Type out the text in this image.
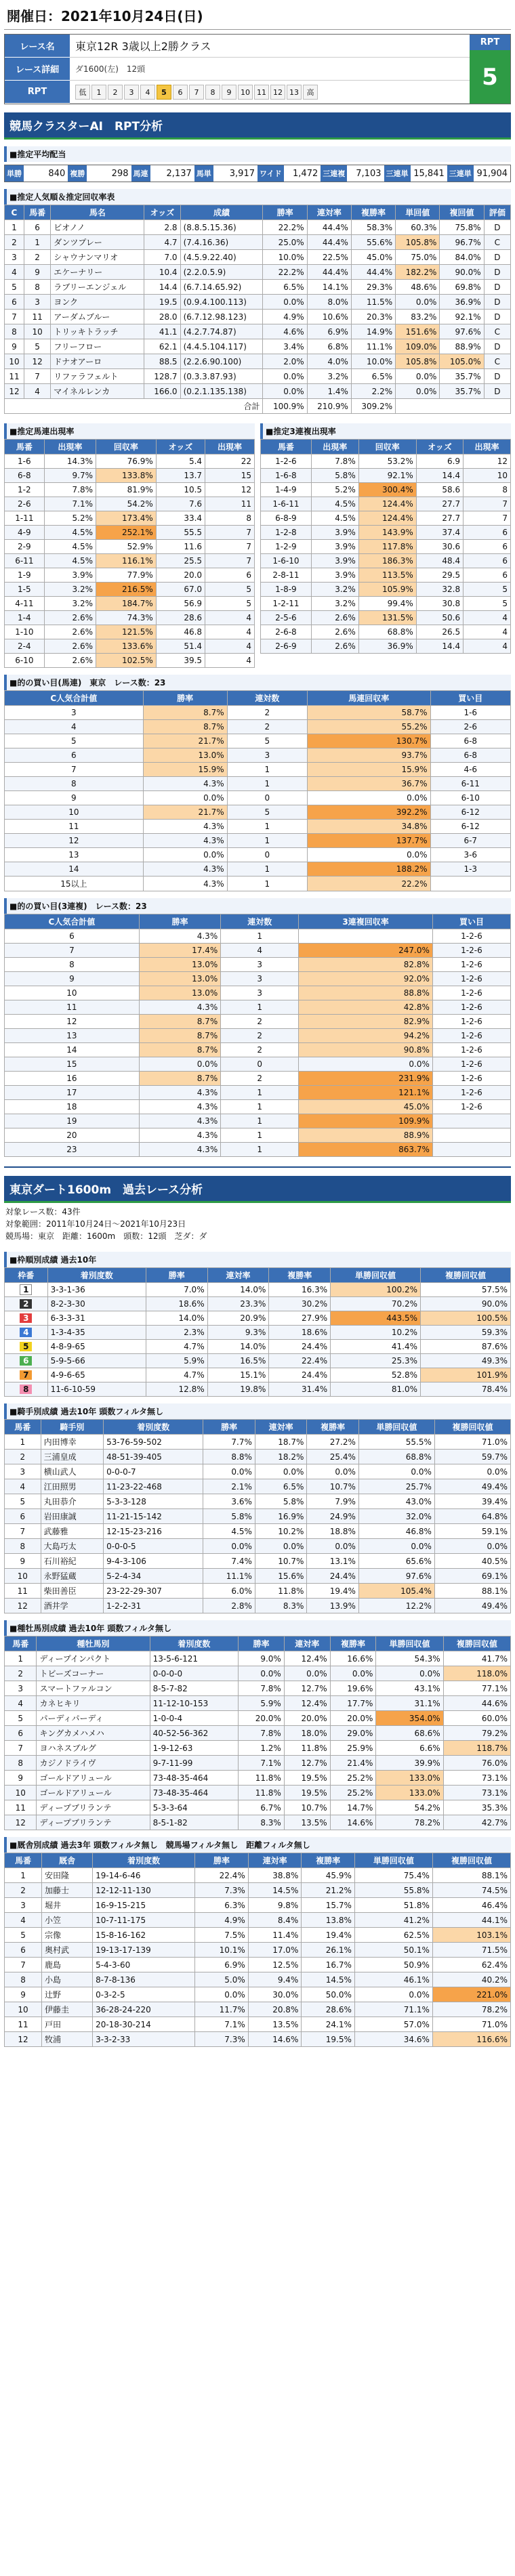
開催日：2021年10月24日(日)
レース名	東京12R 3歳以上2勝クラス	RPT
5
レース詳細	ダ1600(左)　12頭
RPT	低	1	2	3	4	5	6	7	8	9	10 11 12 13	高
競馬クラスターAI　RPT分析
■推定平均配当
単勝	840 複勝	298 馬連	2,137 馬単	3,917 ワイド	1,472 三連複	7,103 三連単 15,841 三連単 91,904
■推定人気順＆推定回収率表
C	馬番	馬名	オッズ	成績	勝率	連対率	複勝率	単回値	複回値	評価
1	6	ビオノノ	2.8	(8.8.5.15.36)	22.2%	44.4%	58.3%	60.3%	75.8%	D
2	1	ダンツプレー	4.7	(7.4.16.36)	25.0%	44.4%	55.6%	105.8%	96.7%	C
3	2	シャウナンマリオ	7.0	(4.5.9.22.40)	10.0%	22.5%	45.0%	75.0%	84.0%	D
4	9	エケーナリー	10.4	(2.2.0.5.9)	22.2%	44.4%	44.4%	182.2%	90.0%	D
5	8	ラブリーエンジェル	14.4	(6.7.14.65.92)	6.5%	14.1%	29.3%	48.6%	69.8%	D
6	3	ヨンク	19.5	(0.9.4.100.113)	0.0%	8.0%	11.5%	0.0%	36.9%	D
7	11	アーダムブルー	28.0	(6.7.12.98.123)	4.9%	10.6%	20.3%	83.2%	92.1%	D
8	10	トリッキトラッチ	41.1	(4.2.7.74.87)	4.6%	6.9%	14.9%	151.6%	97.6%	C
9	5	フリーフロー	62.1	(4.4.5.104.117)	3.4%	6.8%	11.1%	109.0%	88.9%	D
10	12	ドナオアーロ	88.5	(2.2.6.90.100)	2.0%	4.0%	10.0%	105.8%	105.0%	C
11	7	リファラフェルト	128.7	(0.3.3.87.93)	0.0%	3.2%	6.5%	0.0%	35.7%	D
12	4	マイネルレンカ	166.0	(0.2.1.135.138)	0.0%	1.4%	2.2%	0.0%	35.7%	D
合計					100.9%	210.9%	309.2%			
■推定馬連出現率
馬番	出現率	回収率	オッズ	出現率
1-6	14.3%	76.9%	5.4	22
6-8	9.7%	133.8%	13.7	15
1-2	7.8%	81.9%	10.5	12
2-6	7.1%	54.2%	7.6	11
1-11	5.2%	173.4%	33.4	8
4-9	4.5%	252.1%	55.5	7
2-9	4.5%	52.9%	11.6	7
6-11	4.5%	116.1%	25.5	7
1-9	3.9%	77.9%	20.0	6
1-5	3.2%	216.5%	67.0	5
4-11	3.2%	184.7%	56.9	5
1-4	2.6%	74.3%	28.6	4
1-10	2.6%	121.5%	46.8	4
2-4	2.6%	133.6%	51.4	4
6-10	2.6%	102.5%	39.5	4
■推定3連複出現率
馬番	出現率	回収率	オッズ	出現率
1-2-6	7.8%	53.2%	6.9	12
1-6-8	5.8%	92.1%	14.4	10
1-4-9	5.2%	300.4%	58.6	8
1-6-11	4.5%	124.4%	27.7	7
6-8-9	4.5%	124.4%	27.7	7
1-2-8	3.9%	143.9%	37.4	6
1-2-9	3.9%	117.8%	30.6	6
1-6-10	3.9%	186.3%	48.4	6
2-8-11	3.9%	113.5%	29.5	6
1-8-9	3.2%	105.9%	32.8	5
1-2-11	3.2%	99.4%	30.8	5
2-5-6	2.6%	131.5%	50.6	4
2-6-8	2.6%	68.8%	26.5	4
2-6-9	2.6%	36.9%	14.4	4
■的の買い目(馬連)　東京　レース数：23
C人気合計値	勝率	連対数	馬連回収率	買い目
3	8.7%	2	58.7%	1-6
4	8.7%	2	55.2%	2-6
5	21.7%	5	130.7%	6-8
6	13.0%	3	93.7%	6-8
7	15.9%	1	15.9%	4-6
8	4.3%	1	36.7%	6-11
9	0.0%	0	0.0%	6-10
10	21.7%	5	392.2%	6-12
11	4.3%	1	34.8%	6-12
12	4.3%	1	137.7%	6-7
13	0.0%	0	0.0%	3-6
14	4.3%	1	188.2%	1-3
15以上	4.3%	1	22.2%	
■的の買い目(3連複)　レース数：23
C人気合計値	勝率	連対数	3連複回収率	買い目
6	4.3%	1		1-2-6
7	17.4%	4	247.0%	1-2-6
8	13.0%	3	82.8%	1-2-6
9	13.0%	3	92.0%	1-2-6
10	13.0%	3	88.8%	1-2-6
11	4.3%	1	42.8%	1-2-6
12	8.7%	2	82.9%	1-2-6
13	8.7%	2	94.2%	1-2-6
14	8.7%	2	90.8%	1-2-6
15	0.0%	0	0.0%	1-2-6
16	8.7%	2	231.9%	1-2-6
17	4.3%	1	121.1%	1-2-6
18	4.3%	1	45.0%	1-2-6
19	4.3%	1	109.9%	
20	4.3%	1	88.9%	
23	4.3%	1	863.7%	
東京ダート1600m　過去レース分析
対象レース数：43件
対象範囲：2011年10月24日〜2021年10月23日
競馬場：東京　距離：1600m　頭数：12頭　芝ダ：ダ
■枠順別成績 過去10年
枠番	着別度数	勝率	連対率	複勝率	単勝回収値	複勝回収値
1	3-3-1-36	7.0%	14.0%	16.3%	100.2%	57.5%
2	8-2-3-30	18.6%	23.3%	30.2%	70.2%	90.0%
3	6-3-3-31	14.0%	20.9%	27.9%	443.5%	100.5%
4	1-3-4-35	2.3%	9.3%	18.6%	10.2%	59.3%
5	4-8-9-65	4.7%	14.0%	24.4%	41.4%	87.6%
6	5-9-5-66	5.9%	16.5%	22.4%	25.3%	49.3%
7	4-9-6-65	4.7%	15.1%	24.4%	52.8%	101.9%
8	11-6-10-59	12.8%	19.8%	31.4%	81.0%	78.4%
■騎手別成績 過去10年 頭数フィルタ無し
馬番	騎手別	着別度数	勝率	連対率	複勝率	単勝回収値	複勝回収値
1	内田博幸	53-76-59-502	7.7%	18.7%	27.2%	55.5%	71.0%
2	三浦皇成	48-51-39-405	8.8%	18.2%	25.4%	68.8%	59.7%
3	横山武人	0-0-0-7	0.0%	0.0%	0.0%	0.0%	0.0%
4	江田照男	11-23-22-468	2.1%	6.5%	10.7%	25.7%	49.4%
5	丸田恭介	5-3-3-128	3.6%	5.8%	7.9%	43.0%	39.4%
6	岩田康誠	11-21-15-142	5.8%	16.9%	24.9%	32.0%	64.8%
7	武藤雅	12-15-23-216	4.5%	10.2%	18.8%	46.8%	59.1%
8	大島巧太	0-0-0-5	0.0%	0.0%	0.0%	0.0%	0.0%
9	石川裕紀	9-4-3-106	7.4%	10.7%	13.1%	65.6%	40.5%
10	永野猛蔵	5-2-4-34	11.1%	15.6%	24.4%	97.6%	69.1%
11	柴田善臣	23-22-29-307	6.0%	11.8%	19.4%	105.4%	88.1%
12	酒井学	1-2-2-31	2.8%	8.3%	13.9%	12.2%	49.4%
■種牡馬別成績 過去10年 頭数フィルタ無し
馬番	種牡馬別	着別度数	勝率	連対率	複勝率	単勝回収値	複勝回収値
1	ディープインパクト	13-5-6-121	9.0%	12.4%	16.6%	54.3%	41.7%
2	トビーズコーナー	0-0-0-0	0.0%	0.0%	0.0%	0.0%	118.0%
3	スマートファルコン	8-5-7-82	7.8%	12.7%	19.6%	43.1%	77.1%
4	カネヒキリ	11-12-10-153	5.9%	12.4%	17.7%	31.1%	44.6%
5	パーディパーディ	1-0-0-4	20.0%	20.0%	20.0%	354.0%	60.0%
6	キングカメハメハ	40-52-56-362	7.8%	18.0%	29.0%	68.6%	79.2%
7	ヨハネスブルグ	1-9-12-63	1.2%	11.8%	25.9%	6.6%	118.7%
8	カジノドライヴ	9-7-11-99	7.1%	12.7%	21.4%	39.9%	76.0%
9	ゴールドアリュール	73-48-35-464	11.8%	19.5%	25.2%	133.0%	73.1%
10	ゴールドアリュール	73-48-35-464	11.8%	19.5%	25.2%	133.0%	73.1%
11	ディープブリランテ	5-3-3-64	6.7%	10.7%	14.7%	54.2%	35.3%
12	ディープブリランテ	8-5-1-82	8.3%	13.5%	14.6%	78.2%	42.7%
■厩舎別成績 過去3年 頭数フィルタ無し　競馬場フィルタ無し　距離フィルタ無し
馬番	厩舎	着別度数	勝率	連対率	複勝率	単勝回収値	複勝回収値
1	安田隆	19-14-6-46	22.4%	38.8%	45.9%	75.4%	88.1%
2	加藤士	12-12-11-130	7.3%	14.5%	21.2%	55.8%	74.5%
3	堀井	16-9-15-215	6.3%	9.8%	15.7%	51.8%	46.4%
4	小笠	10-7-11-175	4.9%	8.4%	13.8%	41.2%	44.1%
5	宗像	15-8-16-162	7.5%	11.4%	19.4%	62.5%	103.1%
6	奥村武	19-13-17-139	10.1%	17.0%	26.1%	50.1%	71.5%
7	鹿島	5-4-3-60	6.9%	12.5%	16.7%	50.9%	62.4%
8	小島	8-7-8-136	5.0%	9.4%	14.5%	46.1%	40.2%
9	辻野	0-3-2-5	0.0%	30.0%	50.0%	0.0%	221.0%
10	伊藤圭	36-28-24-220	11.7%	20.8%	28.6%	71.1%	78.2%
11	戸田	20-18-30-214	7.1%	13.5%	24.1%	57.0%	71.0%
12	牧浦	3-3-2-33	7.3%	14.6%	19.5%	34.6%	116.6%
